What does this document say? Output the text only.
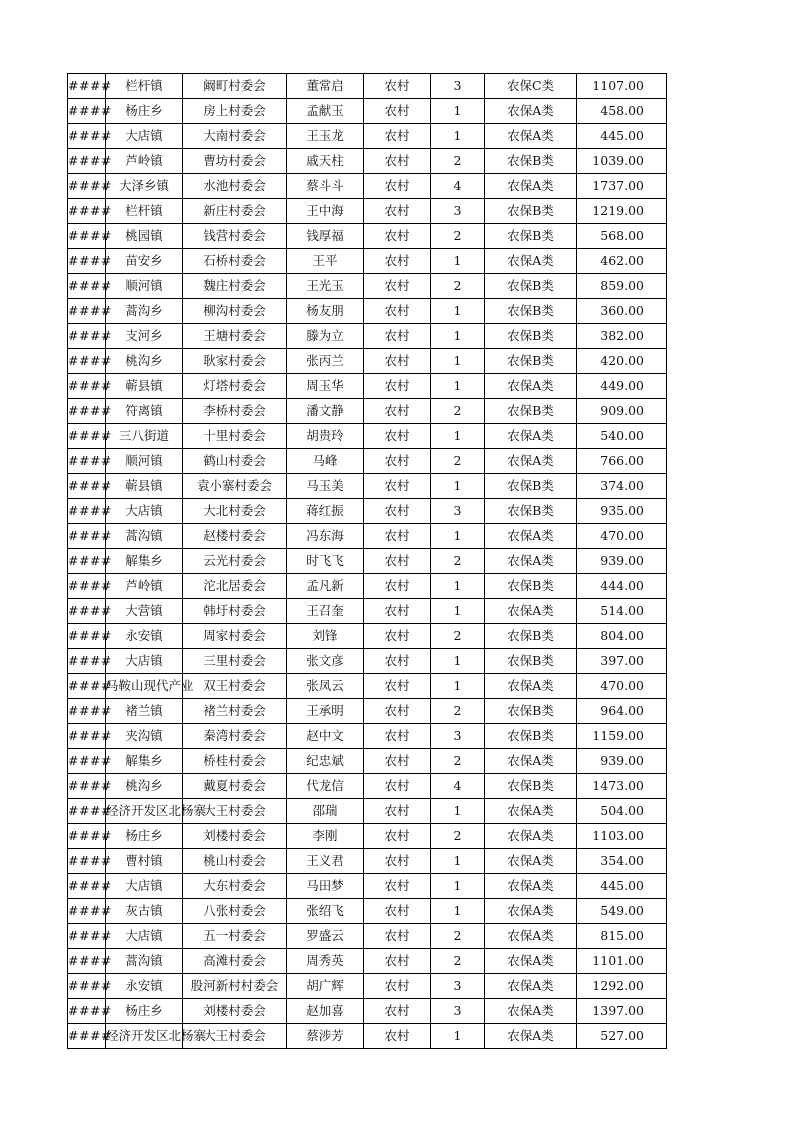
####	栏杆镇	阚町村委会	董常启	农村	3	农保C类	1107.00
####	杨庄乡	房上村委会	孟献玉	农村	1	农保A类	458.00
####	大店镇	大南村委会	王玉龙	农村	1	农保A类	445.00
####	芦岭镇	曹坊村委会	戚天柱	农村	2	农保B类	1039.00
####	大泽乡镇	水池村委会	蔡斗斗	农村	4	农保A类	1737.00
####	栏杆镇	新庄村委会	王中海	农村	3	农保B类	1219.00
####	桃园镇	钱营村委会	钱厚福	农村	2	农保B类	568.00
####	苗安乡	石桥村委会	王平	农村	1	农保A类	462.00
####	顺河镇	魏庄村委会	王光玉	农村	2	农保B类	859.00
####	蒿沟乡	柳沟村委会	杨友朋	农村	1	农保B类	360.00
####	支河乡	王塘村委会	滕为立	农村	1	农保B类	382.00
####	桃沟乡	耿家村委会	张丙兰	农村	1	农保B类	420.00
####	蕲县镇	灯塔村委会	周玉华	农村	1	农保A类	449.00
####	符离镇	李桥村委会	潘文静	农村	2	农保B类	909.00
####	三八街道	十里村委会	胡贵玲	农村	1	农保A类	540.00
####	顺河镇	鹤山村委会	马峰	农村	2	农保A类	766.00
####	蕲县镇	袁小寨村委会	马玉美	农村	1	农保B类	374.00
####	大店镇	大北村委会	蒋红振	农村	3	农保B类	935.00
####	蒿沟镇	赵楼村委会	冯东海	农村	1	农保A类	470.00
####	解集乡	云光村委会	时飞飞	农村	2	农保A类	939.00
####	芦岭镇	沱北居委会	孟凡新	农村	1	农保B类	444.00
####	大营镇	韩圩村委会	王召奎	农村	1	农保A类	514.00
####	永安镇	周家村委会	刘锋	农村	2	农保B类	804.00
####	大店镇	三里村委会	张文彦	农村	1	农保B类	397.00
####	马鞍山现代产业	双王村委会	张凤云	农村	1	农保A类	470.00
####	褚兰镇	褚兰村委会	王承明	农村	2	农保B类	964.00
####	夹沟镇	秦湾村委会	赵中文	农村	3	农保B类	1159.00
####	解集乡	桥桂村委会	纪忠斌	农村	2	农保A类	939.00
####	桃沟乡	戴夏村委会	代龙信	农村	4	农保B类	1473.00
####	经济开发区北杨寨	大王村委会	邵瑞	农村	1	农保A类	504.00
####	杨庄乡	刘楼村委会	李刚	农村	2	农保A类	1103.00
####	曹村镇	桃山村委会	王义君	农村	1	农保A类	354.00
####	大店镇	大东村委会	马田梦	农村	1	农保A类	445.00
####	灰古镇	八张村委会	张绍飞	农村	1	农保A类	549.00
####	大店镇	五一村委会	罗盛云	农村	2	农保A类	815.00
####	蒿沟镇	高滩村委会	周秀英	农村	2	农保A类	1101.00
####	永安镇	股河新村村委会	胡广辉	农村	3	农保A类	1292.00
####	杨庄乡	刘楼村委会	赵加喜	农村	3	农保A类	1397.00
####	经济开发区北杨寨	大王村委会	蔡涉芳	农村	1	农保A类	527.00
